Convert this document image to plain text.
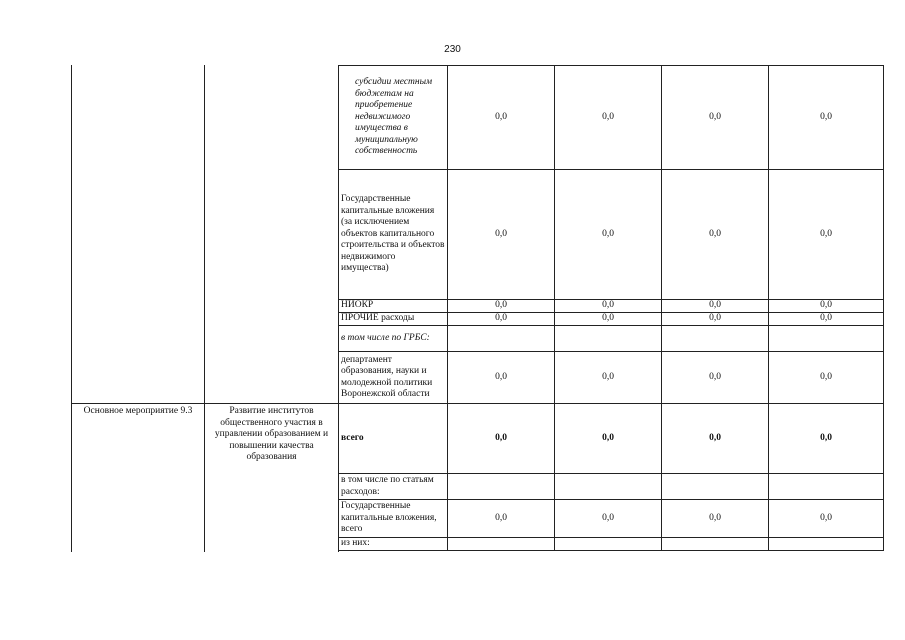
230
Основное мероприятие 9.3	Развитие институтов общественного участия в управлении образованием и повышении качества образования
субсидии местным бюджетам на приобретение недвижимого имущества в муниципальную собственность	0,0	0,0	0,0	0,0
Государственные капитальные вложения (за исключением объектов капитального строительства и объектов недвижимого имущества)	0,0	0,0	0,0	0,0
НИОКР	0,0	0,0	0,0	0,0
ПРОЧИЕ расходы	0,0	0,0	0,0	0,0
в том числе по ГРБС:				
департамент образования, науки и молодежной политики Воронежской области	0,0	0,0	0,0	0,0
всего	0,0	0,0	0,0	0,0
в том числе по статьям расходов:				
Государственные капитальные вложения, всего	0,0	0,0	0,0	0,0
из них:				
